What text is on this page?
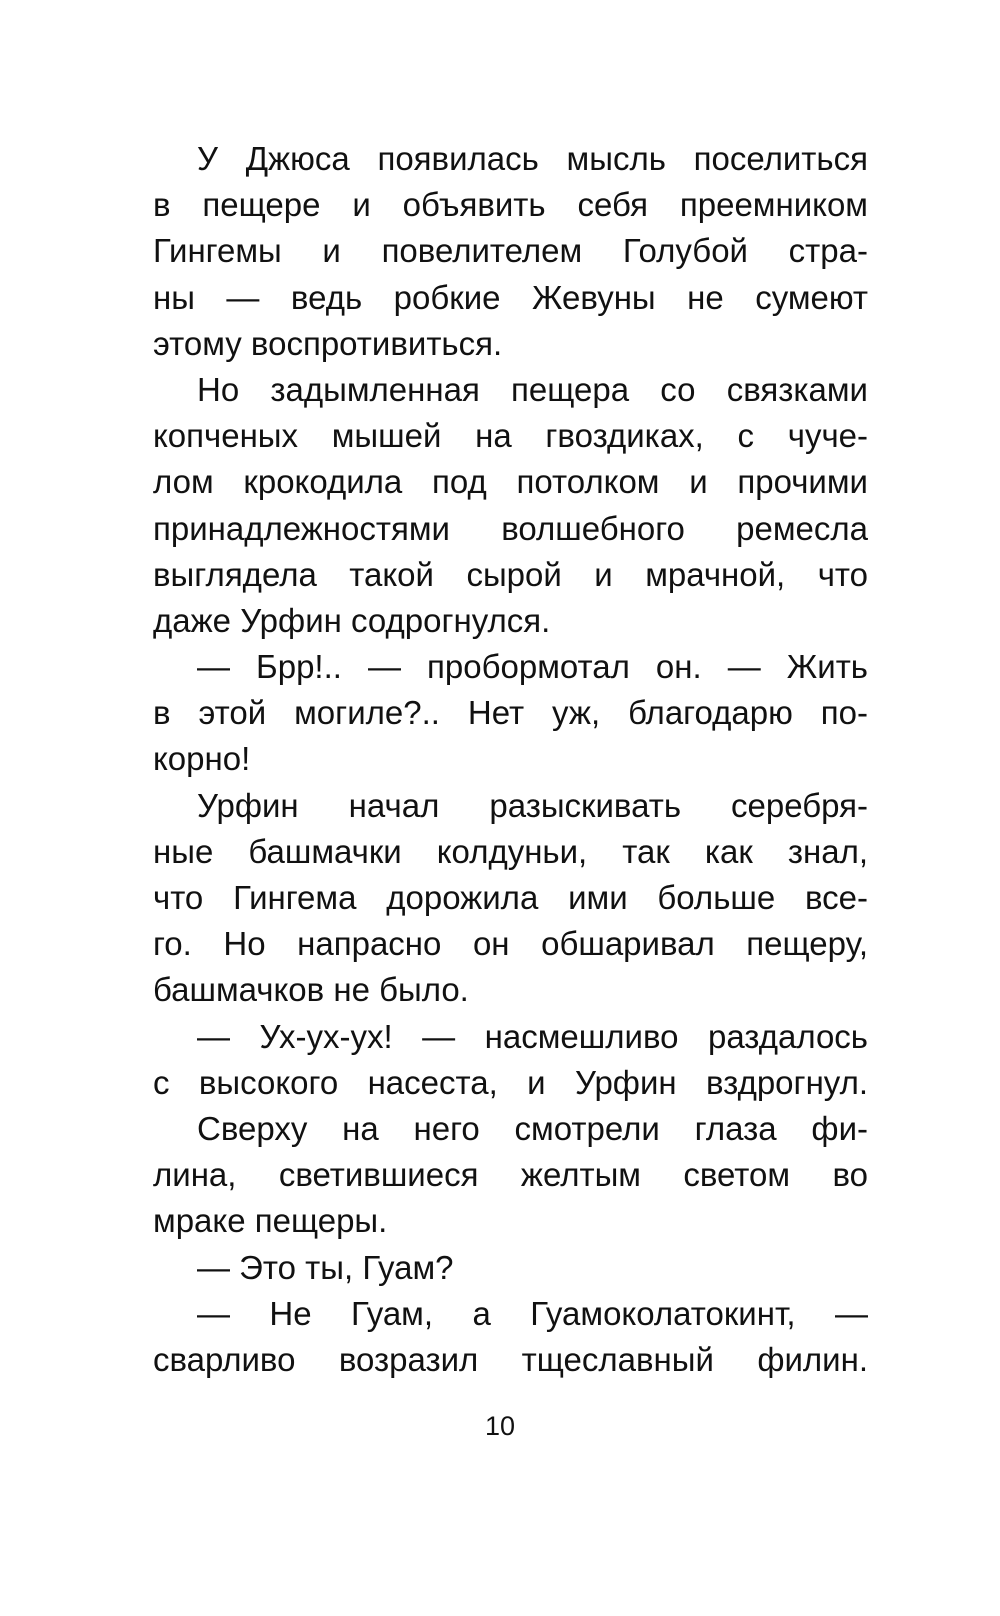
У Джюса появилась мысль поселиться
в пещере и объявить себя преемником
Гингемы и повелителем Голубой стра-
ны — ведь робкие Жевуны не сумеют
этому воспротивиться.
Но задымленная пещера со связками
копченых мышей на гвоздиках, с чуче-
лом крокодила под потолком и прочими
принадлежностями волшебного ремесла
выглядела такой сырой и мрачной, что
даже Урфин содрогнулся.
— Брр!.. — пробормотал он. — Жить
в этой могиле?.. Нет уж, благодарю по-
корно!
Урфин начал разыскивать серебря-
ные башмачки колдуньи, так как знал,
что Гингема дорожила ими больше все-
го. Но напрасно он обшаривал пещеру,
башмачков не было.
— Ух-ух-ух! — насмешливо раздалось
с высокого насеста, и Урфин вздрогнул.
Сверху на него смотрели глаза фи-
лина, светившиеся желтым светом во
мраке пещеры.
— Это ты, Гуам?
— Не Гуам, а Гуамоколатокинт, —
сварливо возразил тщеславный филин.
10
